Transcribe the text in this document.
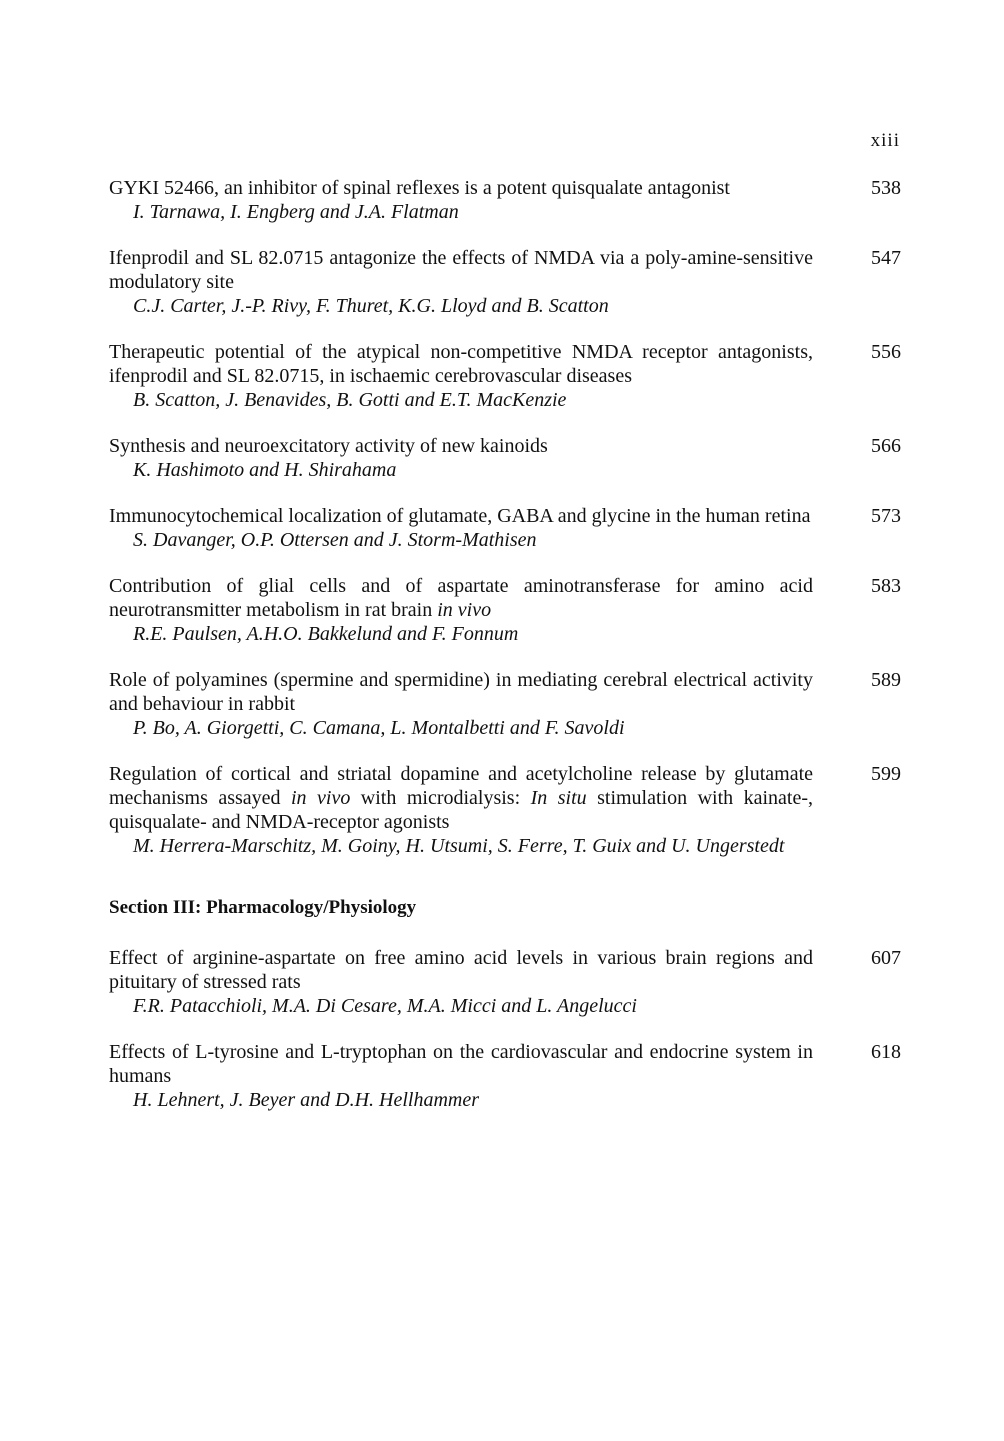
xiii

GYKI 52466, an inhibitor of spinal reflexes is a potent quisqualate antagonist

I. Tarnawa, I. Engberg and J.A. Flatman

538

Ifenprodil and SL 82.0715 antagonize the effects of NMDA via a poly-amine-sensitive modulatory site

C.J. Carter, J.-P. Rivy, F. Thuret, K.G. Lloyd and B. Scatton

547

Therapeutic potential of the atypical non-competitive NMDA receptor antagonists, ifenprodil and SL 82.0715, in ischaemic cerebrovascular diseases

B. Scatton, J. Benavides, B. Gotti and E.T. MacKenzie

556

Synthesis and neuroexcitatory activity of new kainoids

K. Hashimoto and H. Shirahama

566

Immunocytochemical localization of glutamate, GABA and glycine in the human retina

S. Davanger, O.P. Ottersen and J. Storm-Mathisen

573

Contribution of glial cells and of aspartate aminotransferase for amino acid neurotransmitter metabolism in rat brain in vivo

R.E. Paulsen, A.H.O. Bakkelund and F. Fonnum

583

Role of polyamines (spermine and spermidine) in mediating cerebral electrical activity and behaviour in rabbit

P. Bo, A. Giorgetti, C. Camana, L. Montalbetti and F. Savoldi

589

Regulation of cortical and striatal dopamine and acetylcholine release by glutamate mechanisms assayed in vivo with microdialysis: In situ stimulation with kainate-, quisqualate- and NMDA-receptor agonists

M. Herrera-Marschitz, M. Goiny, H. Utsumi, S. Ferre, T. Guix and U. Ungerstedt

599
Section III: Pharmacology/Physiology

Effect of arginine-aspartate on free amino acid levels in various brain regions and pituitary of stressed rats

F.R. Patacchioli, M.A. Di Cesare, M.A. Micci and L. Angelucci

607

Effects of L-tyrosine and L-tryptophan on the cardiovascular and endocrine system in humans

H. Lehnert, J. Beyer and D.H. Hellhammer

618
